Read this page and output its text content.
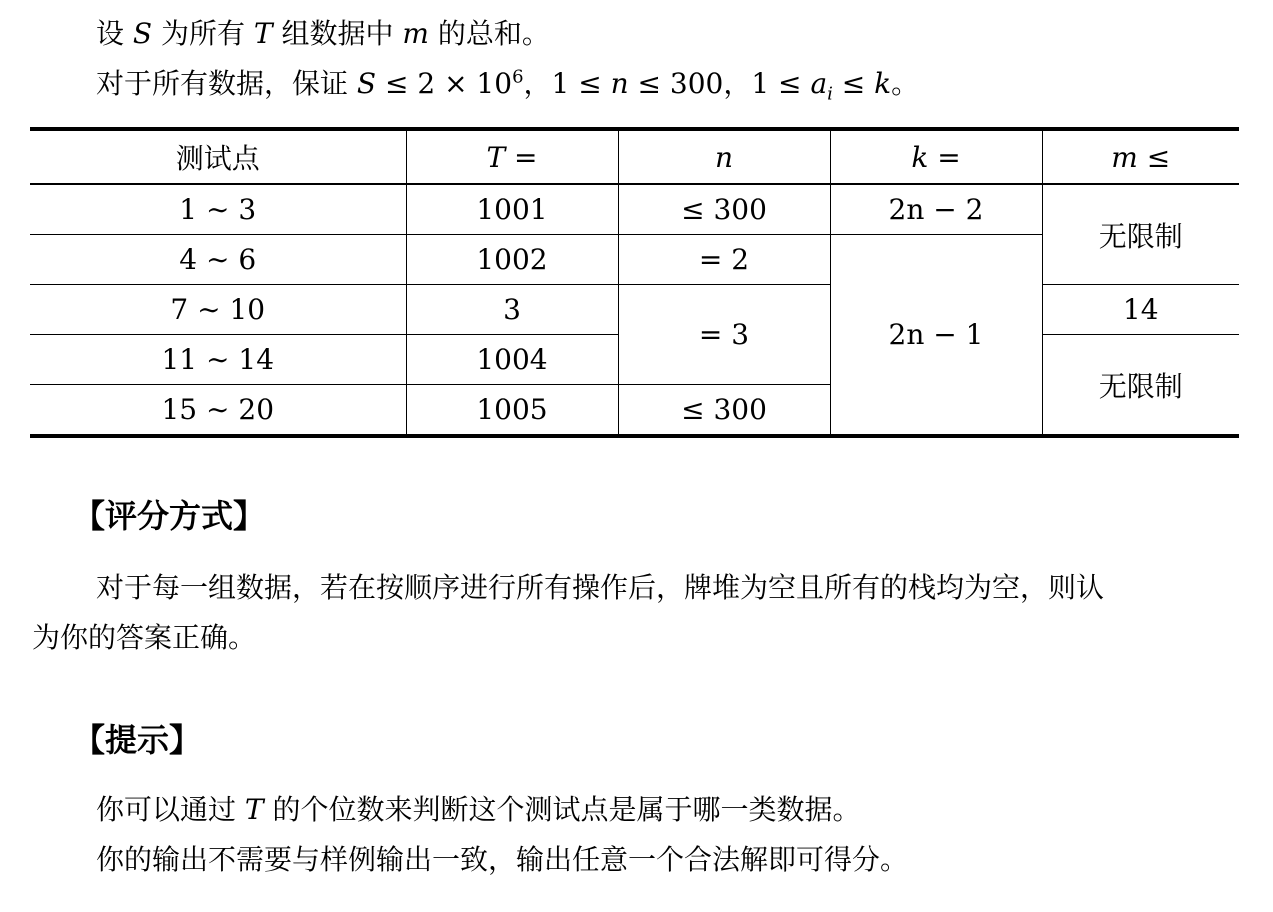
设 S 为所有 T 组数据中 m 的总和。
对于所有数据，保证 $S \le 2 \times 10^6$，1 ≤ n ≤ 300，$1 \le a_i \le k$。
测试点	T =	n	k =	m ≤
1 ∼ 3	1001	≤ 300	2n − 2	无限制
4 ∼ 6	1002	= 2	2n − 1	
7 ∼ 10	3	= 3		14
11 ∼ 14	1004			无限制
15 ∼ 20	1005	≤ 300		
【评分方式】
对于每一组数据，若在按顺序进行所有操作后，牌堆为空且所有的栈均为空，则认
为你的答案正确。
【提示】
你可以通过 T 的个位数来判断这个测试点是属于哪一类数据。
你的输出不需要与样例输出一致，输出任意一个合法解即可得分。
